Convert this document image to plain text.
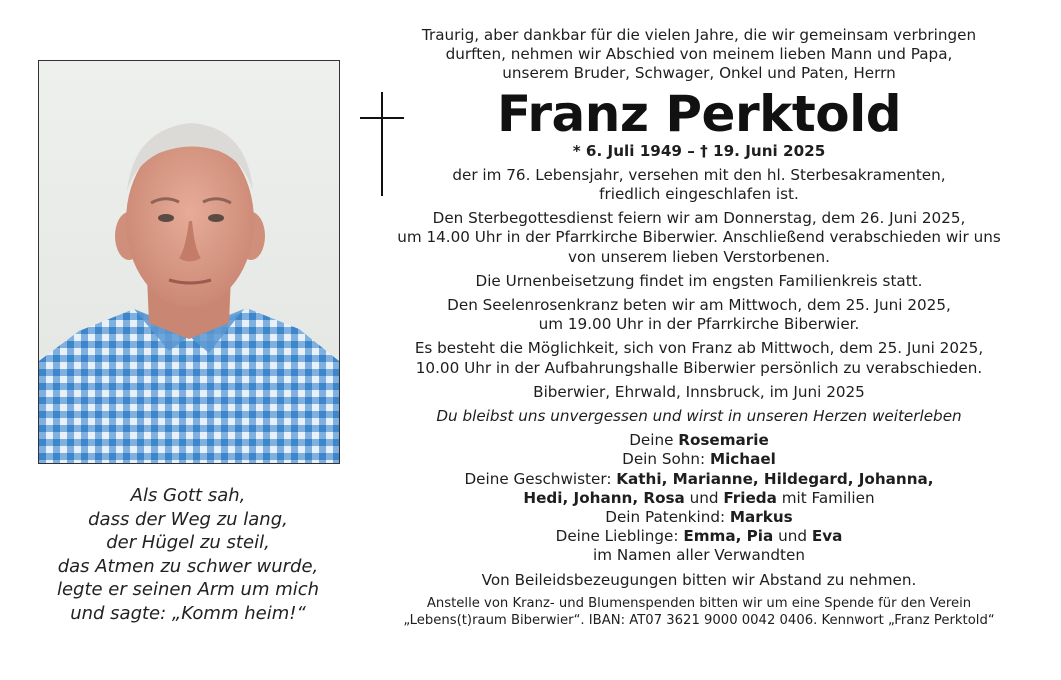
Als Gott sah,
dass der Weg zu lang,
der Hügel zu steil,
das Atmen zu schwer wurde,
legte er seinen Arm um mich
und sagte: „Komm heim!“
Traurig, aber dankbar für die vielen Jahre, die wir gemeinsam verbringen
durften, nehmen wir Abschied von meinem lieben Mann und Papa,
unserem Bruder, Schwager, Onkel und Paten, Herrn
Franz Perktold
* 6. Juli 1949 – † 19. Juni 2025
der im 76. Lebensjahr, versehen mit den hl. Sterbesakramenten,
friedlich eingeschlafen ist.
Den Sterbegottesdienst feiern wir am Donnerstag, dem 26. Juni 2025,
um 14.00 Uhr in der Pfarrkirche Biberwier. Anschließend verabschieden wir uns
von unserem lieben Verstorbenen.
Die Urnenbeisetzung findet im engsten Familienkreis statt.
Den Seelenrosenkranz beten wir am Mittwoch, dem 25. Juni 2025,
um 19.00 Uhr in der Pfarrkirche Biberwier.
Es besteht die Möglichkeit, sich von Franz ab Mittwoch, dem 25. Juni 2025,
10.00 Uhr in der Aufbahrungshalle Biberwier persönlich zu verabschieden.
Biberwier, Ehrwald, Innsbruck, im Juni 2025
Du bleibst uns unvergessen und wirst in unseren Herzen weiterleben
Deine Rosemarie
Dein Sohn: Michael
Deine Geschwister: Kathi, Marianne, Hildegard, Johanna,
Hedi, Johann, Rosa und Frieda mit Familien
Dein Patenkind: Markus
Deine Lieblinge: Emma, Pia und Eva
im Namen aller Verwandten
Von Beileidsbezeugungen bitten wir Abstand zu nehmen.
Anstelle von Kranz- und Blumenspenden bitten wir um eine Spende für den Verein
„Lebens(t)raum Biberwier“. IBAN: AT07 3621 9000 0042 0406. Kennwort „Franz Perktold“
